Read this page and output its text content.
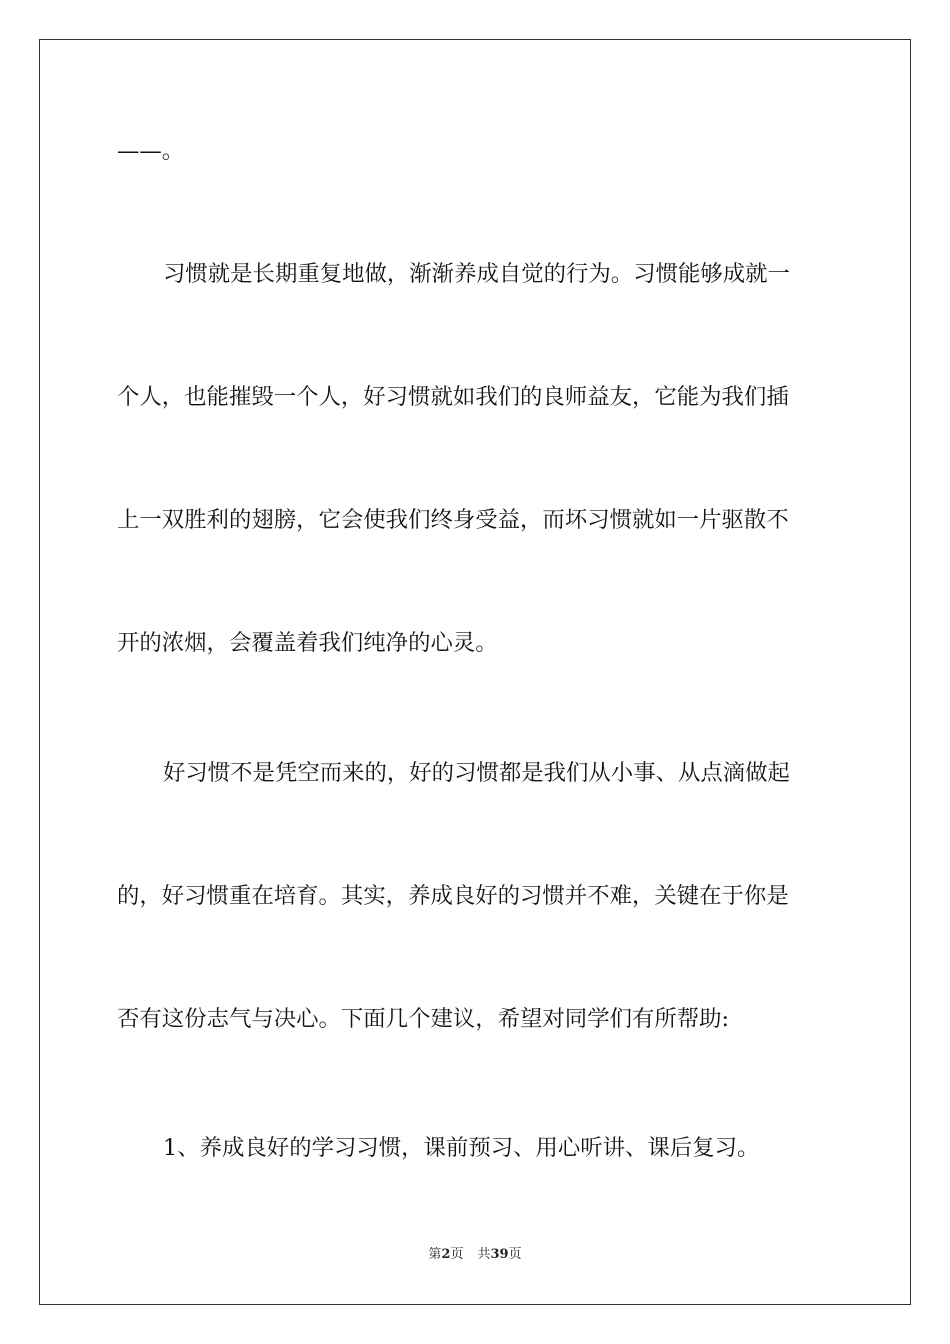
——。
习惯就是长期重复地做，渐渐养成自觉的行为。习惯能够成就一
个人，也能摧毁一个人，好习惯就如我们的良师益友，它能为我们插
上一双胜利的翅膀，它会使我们终身受益，而坏习惯就如一片驱散不
开的浓烟，会覆盖着我们纯净的心灵。
好习惯不是凭空而来的，好的习惯都是我们从小事、从点滴做起
的，好习惯重在培育。其实，养成良好的习惯并不难，关键在于你是
否有这份志气与决心。下面几个建议，希望对同学们有所帮助:
1、养成良好的学习习惯，课前预习、用心听讲、课后复习。
第2页 共39页
